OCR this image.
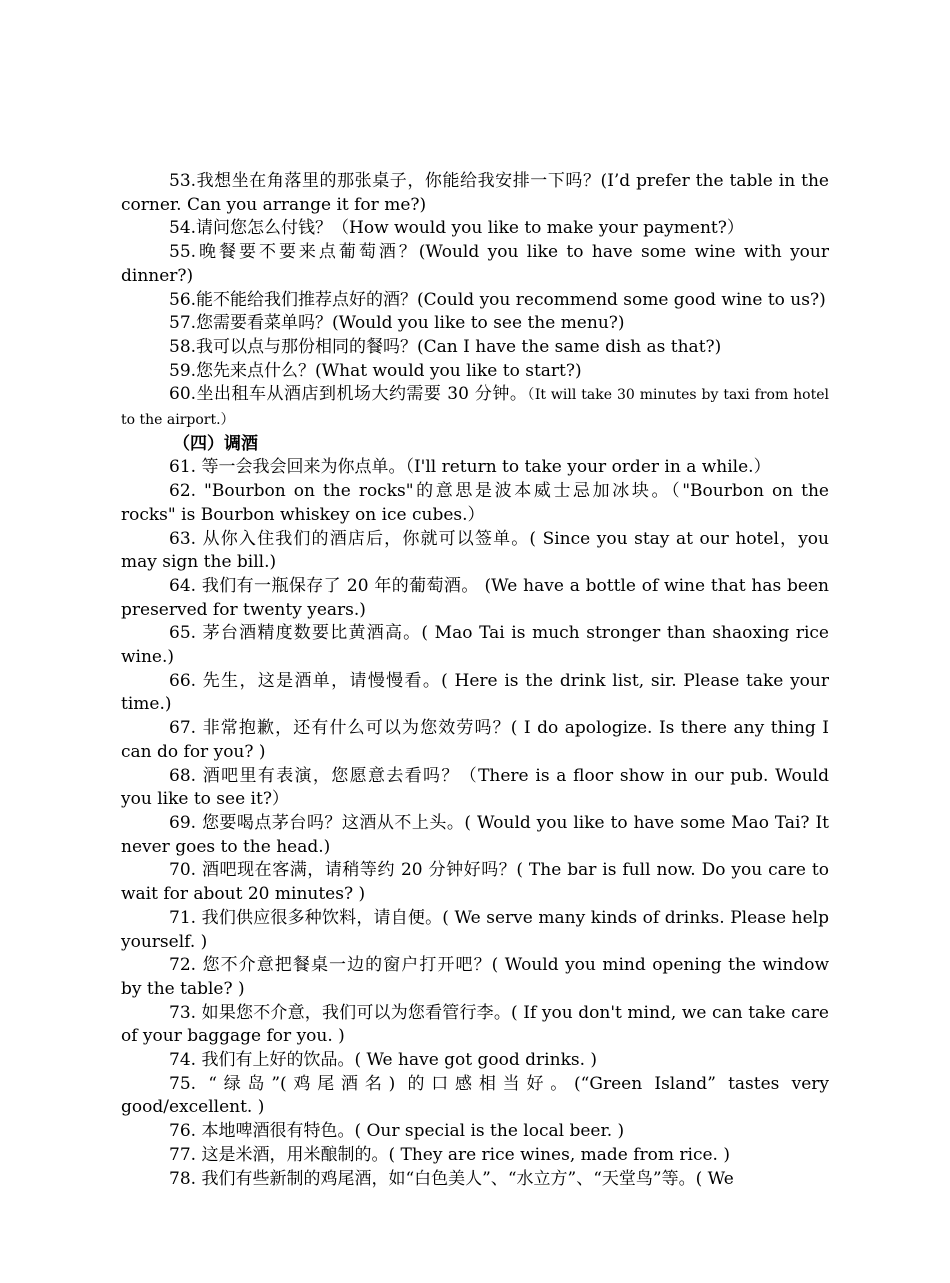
53.我想坐在角落里的那张桌子，你能给我安排一下吗？(I’d prefer the table in the corner. Can you arrange it for me?)

54.请问您怎么付钱？（How would you like to make your payment?）

55.晚餐要不要来点葡萄酒？(Would you like to have some wine with your dinner?)

56.能不能给我们推荐点好的酒？(Could you recommend some good wine to us?)

57.您需要看菜单吗？(Would you like to see the menu?)

58.我可以点与那份相同的餐吗？(Can I have the same dish as that?)

59.您先来点什么？(What would you like to start?)

60.坐出租车从酒店到机场大约需要 30 分钟。（It will take 30 minutes by taxi from hotel to the airport.）

（四）调酒

61. 等一会我会回来为你点单。（I'll return to take your order in a while.）

62. "Bourbon on the rocks"的意思是波本威士忌加冰块。（"Bourbon on the rocks" is Bourbon whiskey on ice cubes.）

63. 从你入住我们的酒店后，你就可以签单。( Since you stay at our hotel，you may sign the bill.)

64. 我们有一瓶保存了 20 年的葡萄酒。 (We have a bottle of wine that has been preserved for twenty years.)

65. 茅台酒精度数要比黄酒高。( Mao Tai is much stronger than shaoxing rice wine.)

66. 先生，这是酒单，请慢慢看。( Here is the drink list, sir. Please take your time.)

67. 非常抱歉，还有什么可以为您效劳吗？( I do apologize. Is there any thing I can do for you? )

68. 酒吧里有表演，您愿意去看吗？（There is a floor show in our pub. Would you like to see it?）

69. 您要喝点茅台吗？这酒从不上头。( Would you like to have some Mao Tai? It never goes to the head.)

70. 酒吧现在客满，请稍等约 20 分钟好吗？( The bar is full now. Do you care to wait for about 20 minutes? )

71. 我们供应很多种饮料，请自便。( We serve many kinds of drinks. Please help yourself. )

72. 您不介意把餐桌一边的窗户打开吧？( Would you mind opening the window by the table? )

73. 如果您不介意，我们可以为您看管行李。( If you don't mind, we can take care of your baggage for you. )

74. 我们有上好的饮品。( We have got good drinks. )

75. “绿岛”(鸡尾酒名) 的口感相当好。(“Green Island” tastes very good/excellent. )

76. 本地啤酒很有特色。( Our special is the local beer. )

77. 这是米酒，用米酿制的。( They are rice wines, made from rice. )

78. 我们有些新制的鸡尾酒，如“白色美人”、“水立方”、“天堂鸟”等。( We
